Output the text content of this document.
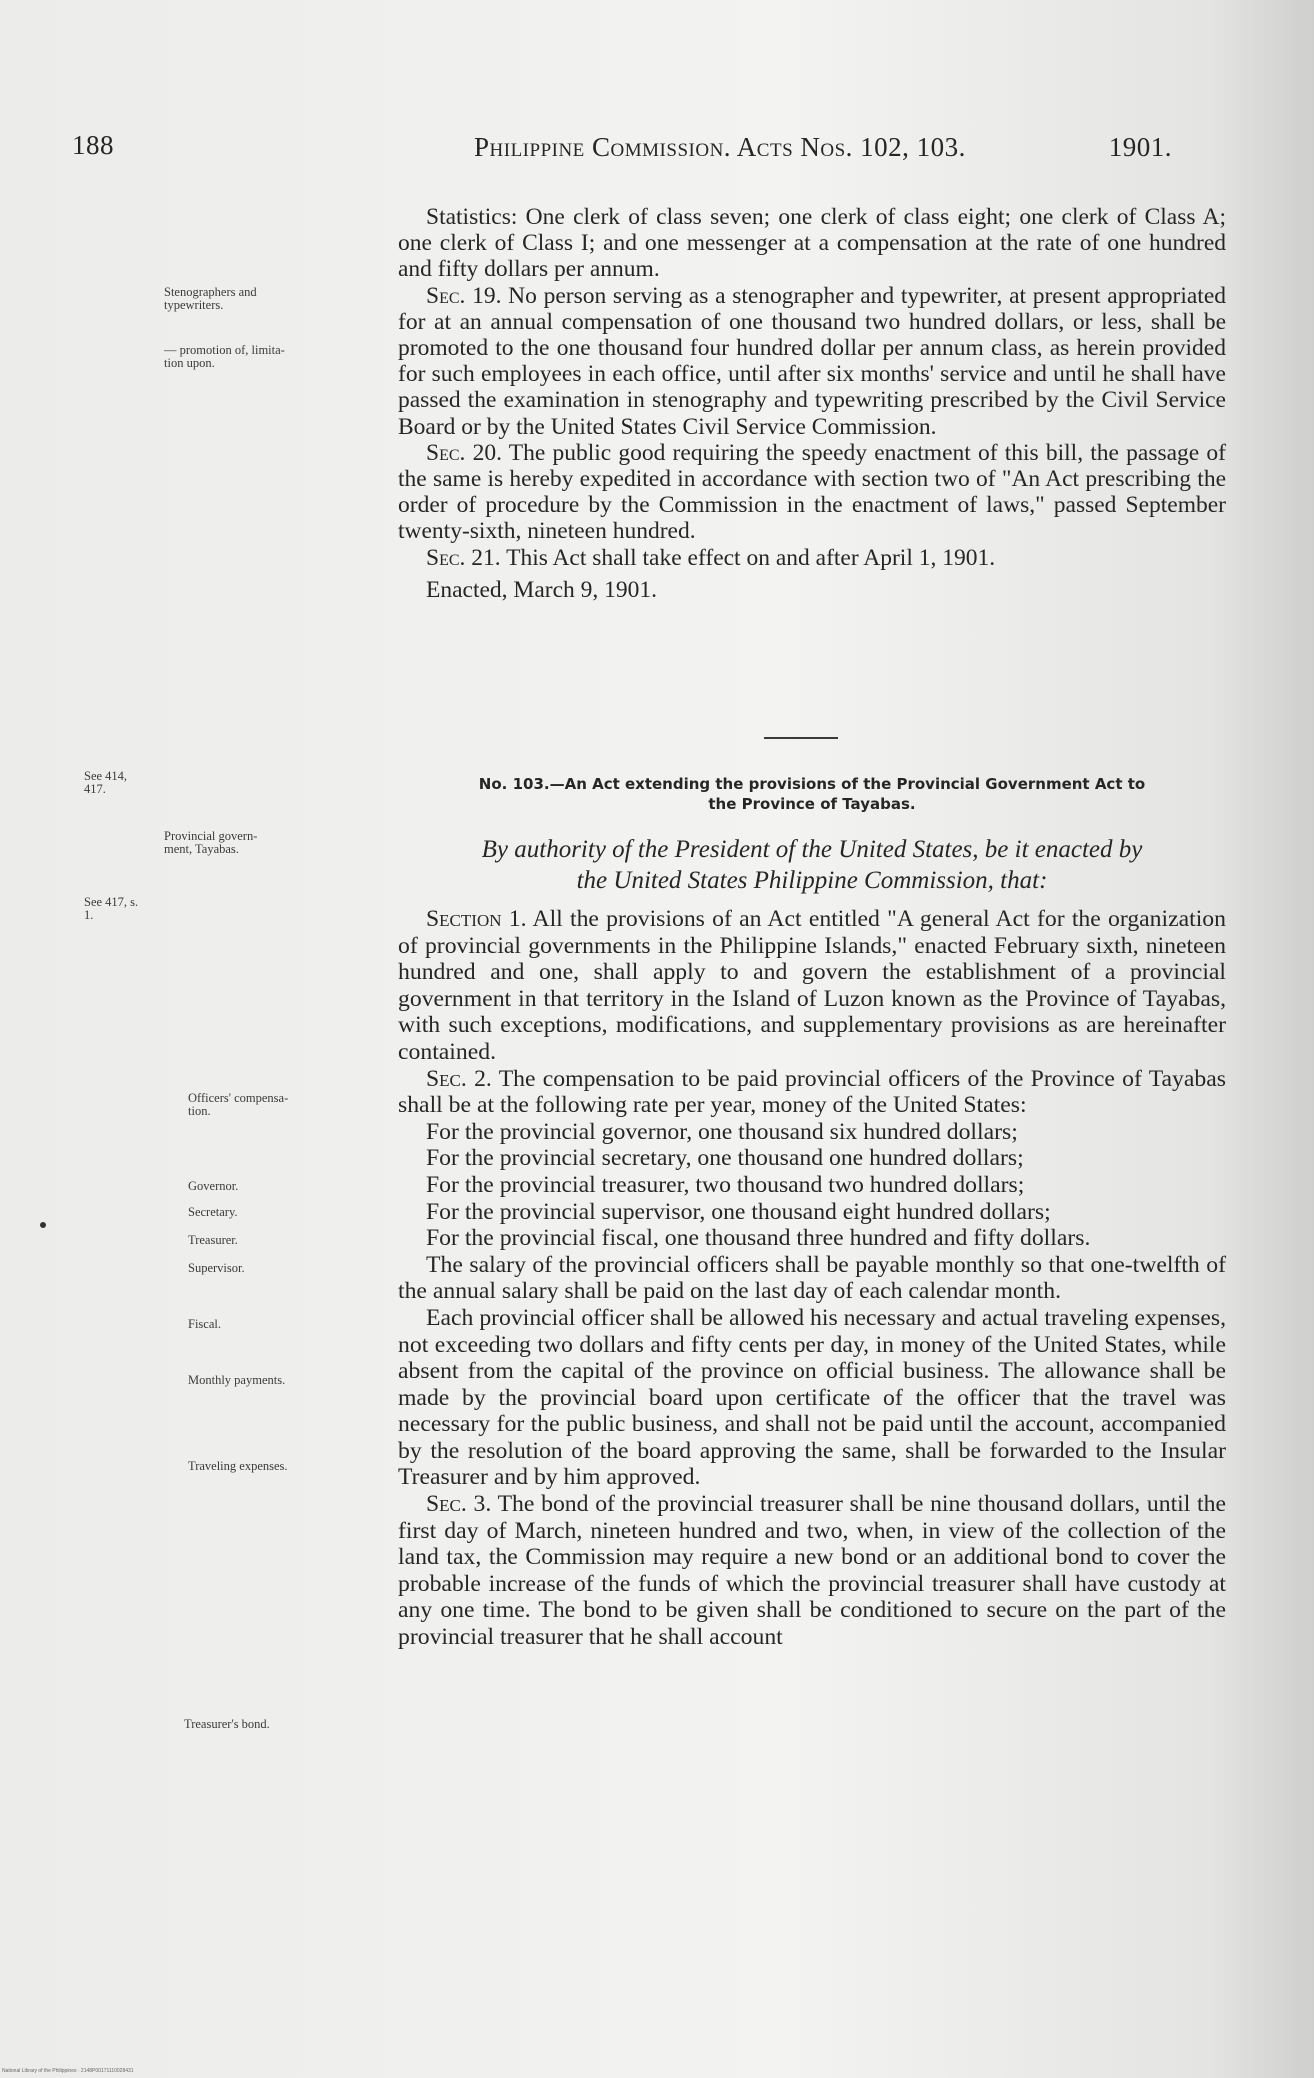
188	Philippine Commission. Acts Nos. 102, 103.	1901.
Stenographers and
typewriters.
— promotion of, limita-
tion upon.
See 414,
417.
Provincial govern-
ment, Tayabas.
See 417, s.
1.
Officers' compensa-
tion.
Governor.
Secretary.
Treasurer.
Supervisor.
Fiscal.
Monthly payments.
Traveling expenses.
Treasurer's bond.

Statistics: One clerk of class seven; one clerk of class eight; one clerk of Class A; one clerk of Class I; and one messenger at a compensation at the rate of one hundred and fifty dollars per annum.

Sec. 19. No person serving as a stenographer and typewriter, at present appropriated for at an annual compensation of one thousand two hundred dollars, or less, shall be promoted to the one thousand four hundred dollar per annum class, as herein provided for such employees in each office, until after six months' service and until he shall have passed the examination in stenography and typewriting prescribed by the Civil Service Board or by the United States Civil Service Commission.

Sec. 20. The public good requiring the speedy enactment of this bill, the passage of the same is hereby expedited in accordance with section two of "An Act prescribing the order of procedure by the Commission in the enactment of laws," passed September twenty-sixth, nineteen hundred.

Sec. 21. This Act shall take effect on and after April 1, 1901.

Enacted, March 9, 1901.

No. 103.—An Act extending the provisions of the Provincial Government Act to
the Province of Tayabas.
By authority of the President of the United States, be it enacted by
the United States Philippine Commission, that:

Section 1. All the provisions of an Act entitled "A general Act for the organization of provincial governments in the Philippine Islands," enacted February sixth, nineteen hundred and one, shall apply to and govern the establishment of a provincial government in that territory in the Island of Luzon known as the Province of Tayabas, with such exceptions, modifications, and supplementary provisions as are hereinafter contained.

Sec. 2. The compensation to be paid provincial officers of the Province of Tayabas shall be at the following rate per year, money of the United States:

For the provincial governor, one thousand six hundred dollars;

For the provincial secretary, one thousand one hundred dollars;

For the provincial treasurer, two thousand two hundred dollars;

For the provincial supervisor, one thousand eight hundred dollars;

For the provincial fiscal, one thousand three hundred and fifty dollars.

The salary of the provincial officers shall be payable monthly so that one-twelfth of the annual salary shall be paid on the last day of each calendar month.

Each provincial officer shall be allowed his necessary and actual traveling expenses, not exceeding two dollars and fifty cents per day, in money of the United States, while absent from the capital of the province on official business. The allowance shall be made by the provincial board upon certificate of the officer that the travel was necessary for the public business, and shall not be paid until the account, accompanied by the resolution of the board approving the same, shall be forwarded to the Insular Treasurer and by him approved.

Sec. 3. The bond of the provincial treasurer shall be nine thousand dollars, until the first day of March, nineteen hundred and two, when, in view of the collection of the land tax, the Commission may require a new bond or an additional bond to cover the probable increase of the funds of which the provincial treasurer shall have custody at any one time. The bond to be given shall be conditioned to secure on the part of the provincial treasurer that he shall account

National Library of the Philippines · 2148P00171110028431
